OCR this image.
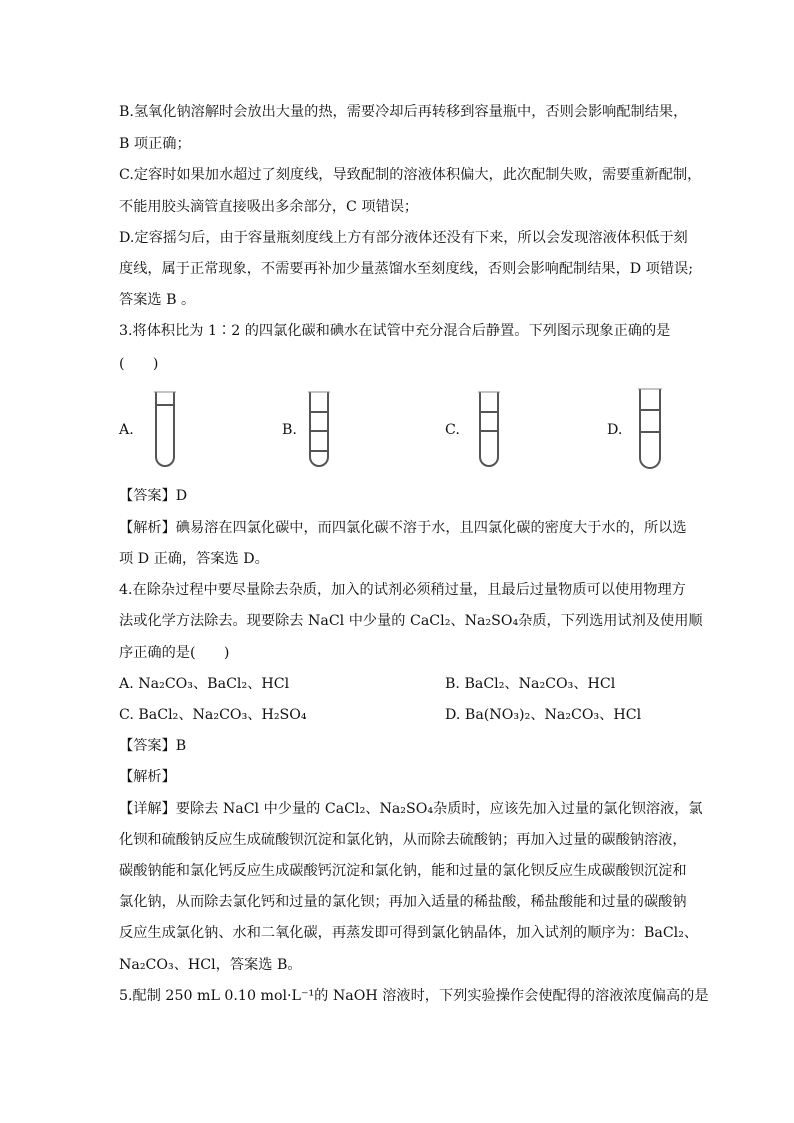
B.氢氧化钠溶解时会放出大量的热，需要冷却后再转移到容量瓶中，否则会影响配制结果，
B 项正确；
C.定容时如果加水超过了刻度线，导致配制的溶液体积偏大，此次配制失败，需要重新配制，
不能用胶头滴管直接吸出多余部分，C 项错误；
D.定容摇匀后，由于容量瓶刻度线上方有部分液体还没有下来，所以会发现溶液体积低于刻
度线，属于正常现象，不需要再补加少量蒸馏水至刻度线，否则会影响配制结果，D 项错误;
答案选 B 。
3.将体积比为 1∶2 的四氯化碳和碘水在试管中充分混合后静置。下列图示现象正确的是
(　　)
A.	B.	C.	D.
【答案】D
【解析】碘易溶在四氯化碳中，而四氯化碳不溶于水，且四氯化碳的密度大于水的，所以选
项 D 正确，答案选 D。
4.在除杂过程中要尽量除去杂质，加入的试剂必须稍过量，且最后过量物质可以使用物理方
法或化学方法除去。现要除去 NaCl 中少量的 CaCl₂、Na₂SO₄杂质，下列选用试剂及使用顺
序正确的是(　　)
A. Na₂CO₃、BaCl₂、HCl	B. BaCl₂、Na₂CO₃、HCl
C. BaCl₂、Na₂CO₃、H₂SO₄	D. Ba(NO₃)₂、Na₂CO₃、HCl
【答案】B
【解析】
【详解】要除去 NaCl 中少量的 CaCl₂、Na₂SO₄杂质时，应该先加入过量的氯化钡溶液，氯
化钡和硫酸钠反应生成硫酸钡沉淀和氯化钠，从而除去硫酸钠；再加入过量的碳酸钠溶液，
碳酸钠能和氯化钙反应生成碳酸钙沉淀和氯化钠，能和过量的氯化钡反应生成碳酸钡沉淀和
氯化钠，从而除去氯化钙和过量的氯化钡；再加入适量的稀盐酸，稀盐酸能和过量的碳酸钠
反应生成氯化钠、水和二氧化碳，再蒸发即可得到氯化钠晶体，加入试剂的顺序为：BaCl₂、
Na₂CO₃、HCl，答案选 B。
5.配制 250 mL 0.10 mol·L⁻¹的 NaOH 溶液时，下列实验操作会使配得的溶液浓度偏高的是
